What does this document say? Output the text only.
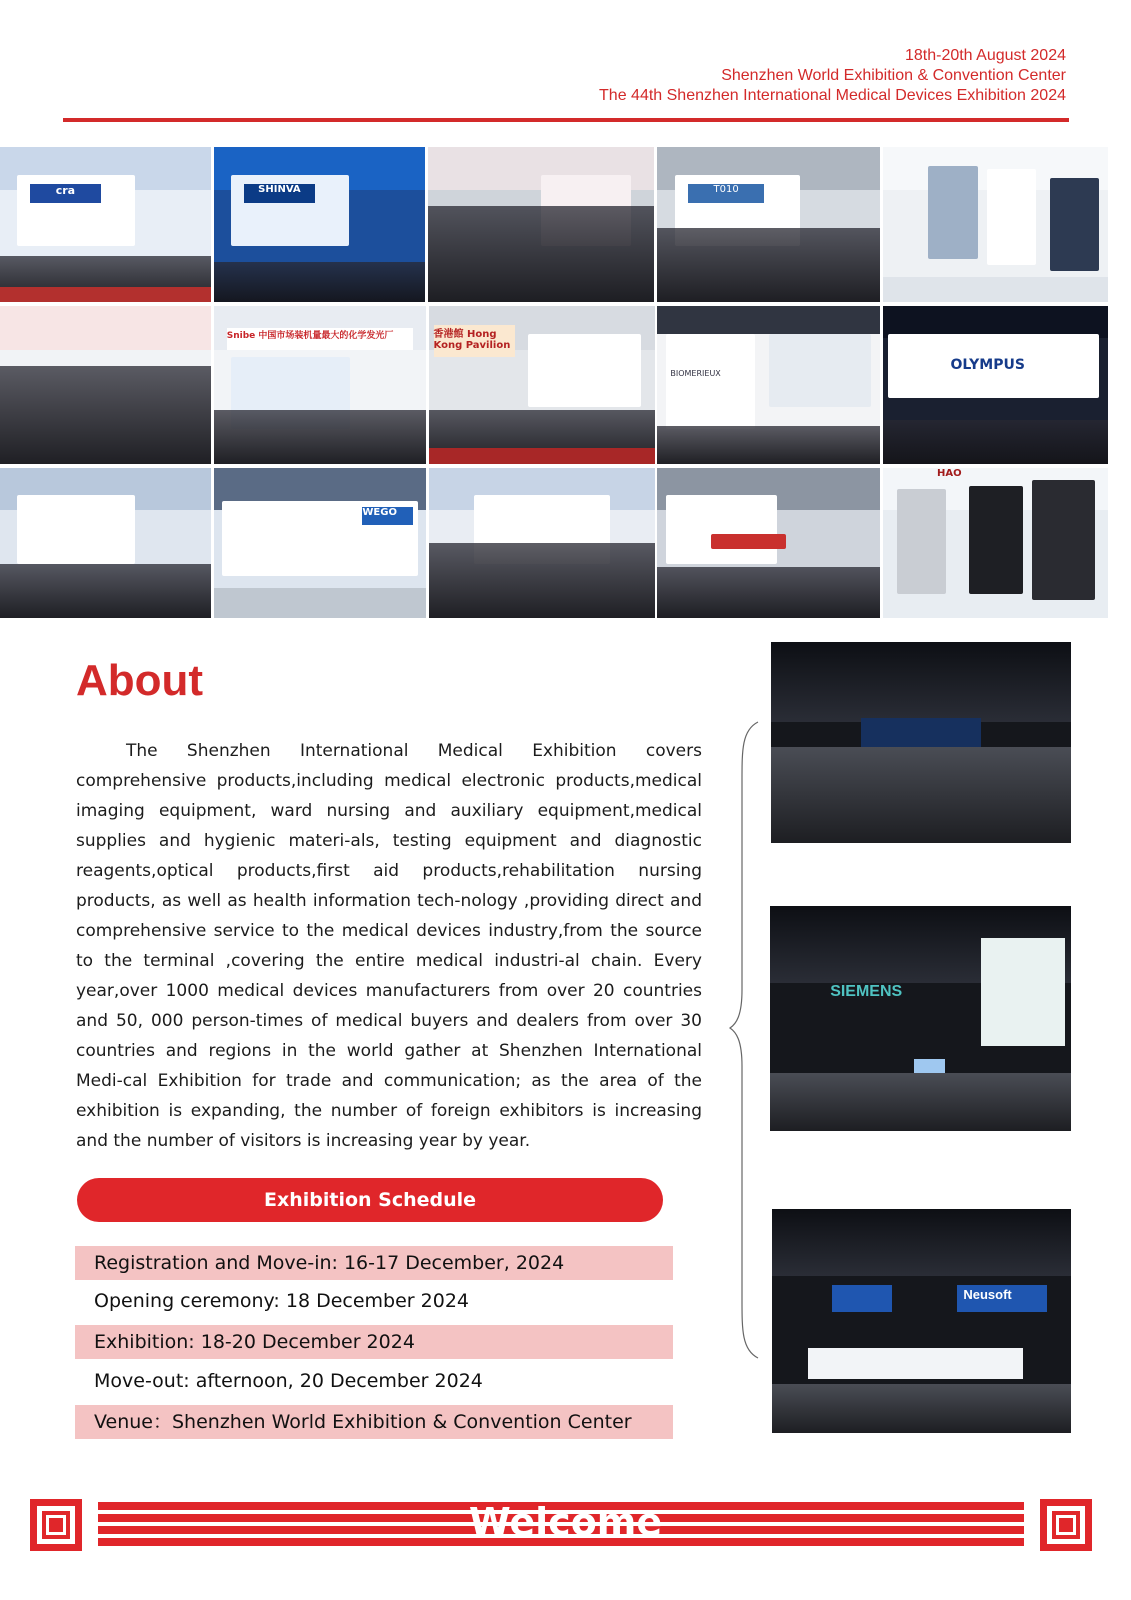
18th-20th August 2024
Shenzhen World Exhibition & Convention Center
The 44th Shenzhen International Medical Devices Exhibition 2024
cra	SHINVA	T010
Snibe 中国市场装机量最大的化学发光厂	香港館 Hong Kong Pavilion
BIOMERIEUX
OLYMPUS
WEGO
HAO
About
The Shenzhen International Medical Exhibition covers comprehensive products,including medical electronic products,medical imaging equipment, ward nursing and auxiliary equipment,medical supplies and hygienic materi-als, testing equipment and diagnostic reagents,optical products,first aid products,rehabilitation nursing products, as well as health information tech-nology ,providing direct and comprehensive service to the medical devices industry,from the source to the terminal ,covering the entire medical industri-al chain. Every year,over 1000 medical devices manufacturers from over 20 countries and 50, 000 person-times of medical buyers and dealers from over 30 countries and regions in the world gather at Shenzhen International Medi-cal Exhibition for trade and communication; as the area of the exhibition is expanding, the number of foreign exhibitors is increasing and the number of visitors is increasing year by year.
SIEMENS
Neusoft
Exhibition Schedule
Registration and Move-in: 16-17 December, 2024
Opening ceremony: 18 December 2024
Exhibition: 18-20 December 2024
Move-out: afternoon, 20 December 2024
Venue：Shenzhen World Exhibition & Convention Center
Welcome
